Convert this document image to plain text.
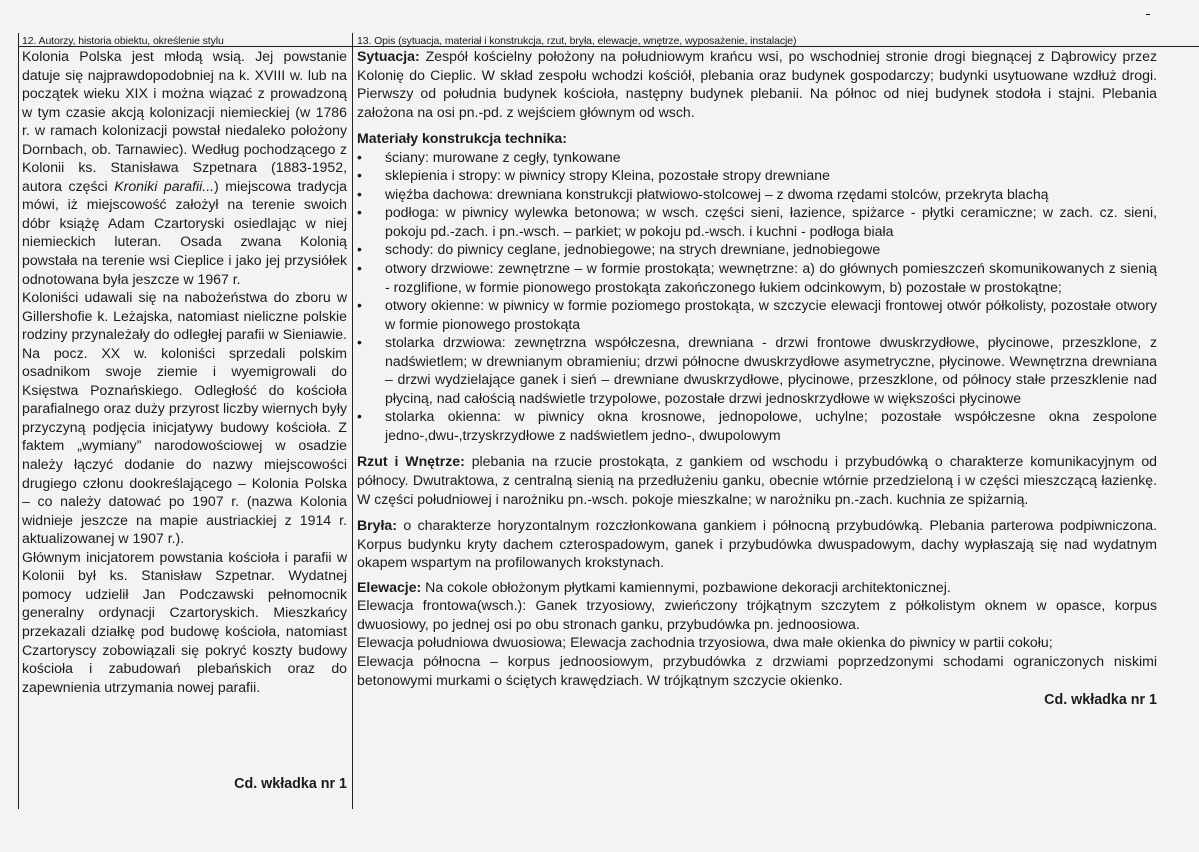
12. Autorzy, historia obiektu, określenie stylu	13. Opis (sytuacja, materiał i konstrukcja, rzut, bryła, elewacje, wnętrze, wyposażenie, instalacje)

Kolonia Polska jest młodą wsią. Jej powstanie datuje się najprawdopodobniej na k. XVIII w. lub na początek wieku XIX i można wiązać z prowadzoną w tym czasie akcją kolonizacji niemieckiej (w 1786 r. w ramach kolonizacji powstał niedaleko położony Dornbach, ob. Tarnawiec). Według pochodzącego z Kolonii ks. Stanisława Szpetnara (1883-1952, autora części Kroniki parafii...) miejscowa tradycja mówi, iż miejscowość założył na terenie swoich dóbr książę Adam Czartoryski osiedlając w niej niemieckich luteran. Osada zwana Kolonią powstała na terenie wsi Cieplice i jako jej przysiółek odnotowana była jeszcze w 1967 r.

Koloniści udawali się na nabożeństwa do zboru w Gillershofie k. Leżajska, natomiast nieliczne polskie rodziny przynależały do odległej parafii w Sieniawie. Na pocz. XX w. koloniści sprzedali polskim osadnikom swoje ziemie i wyemigrowali do Księstwa Poznańskiego. Odległość do kościoła parafialnego oraz duży przyrost liczby wiernych były przyczyną podjęcia inicjatywy budowy kościoła. Z faktem „wymiany” narodowościowej w osadzie należy łączyć dodanie do nazwy miejscowości drugiego członu dookreślającego – Kolonia Polska – co należy datować po 1907 r. (nazwa Kolonia widnieje jeszcze na mapie austriackiej z 1914 r. aktualizowanej w 1907 r.).

Głównym inicjatorem powstania kościoła i parafii w Kolonii był ks. Stanisław Szpetnar. Wydatnej pomocy udzielił Jan Podczawski pełnomocnik generalny ordynacji Czartoryskich. Mieszkańcy przekazali działkę pod budowę kościoła, natomiast Czartoryscy zobowiązali się pokryć koszty budowy kościoła i zabudowań plebańskich oraz do zapewnienia utrzymania nowej parafii.

Cd. wkładka nr 1

Sytuacja: Zespół kościelny położony na południowym krańcu wsi, po wschodniej stronie drogi biegnącej z Dąbrowicy przez Kolonię do Cieplic. W skład zespołu wchodzi kościół, plebania oraz budynek gospodarczy; budynki usytuowane wzdłuż drogi. Pierwszy od południa budynek kościoła, następny budynek plebanii. Na północ od niej budynek stodoła i stajni. Plebania założona na osi pn.-pd. z wejściem głównym od wsch.

Materiały konstrukcja technika:

• ściany: murowane z cegły, tynkowane
• sklepienia i stropy: w piwnicy stropy Kleina, pozostałe stropy drewniane
• więźba dachowa: drewniana konstrukcji płatwiowo-stolcowej – z dwoma rzędami stolców, przekryta blachą
• podłoga: w piwnicy wylewka betonowa; w wsch. części sieni, łazience, spiżarce - płytki ceramiczne; w zach. cz. sieni, pokoju pd.-zach. i pn.-wsch. – parkiet; w pokoju pd.-wsch. i kuchni - podłoga biała
• schody: do piwnicy ceglane, jednobiegowe; na strych drewniane, jednobiegowe
• otwory drzwiowe: zewnętrzne – w formie prostokąta; wewnętrzne: a) do głównych pomieszczeń skomunikowanych z sienią - rozglifione, w formie pionowego prostokąta zakończonego łukiem odcinkowym, b) pozostałe w prostokątne;
• otwory okienne: w piwnicy w formie poziomego prostokąta, w szczycie elewacji frontowej otwór półkolisty, pozostałe otwory w formie pionowego prostokąta
• stolarka drzwiowa: zewnętrzna współczesna, drewniana - drzwi frontowe dwuskrzydłowe, płycinowe, przeszklone, z nadświetlem; w drewnianym obramieniu; drzwi północne dwuskrzydłowe asymetryczne, płycinowe. Wewnętrzna drewniana – drzwi wydzielające ganek i sień – drewniane dwuskrzydłowe, płycinowe, przeszklone, od północy stałe przeszklenie nad płyciną, nad całością nadświetle trzypolowe, pozostałe drzwi jednoskrzydłowe w większości płycinowe
• stolarka okienna: w piwnicy okna krosnowe, jednopolowe, uchylne; pozostałe współczesne okna zespolone jedno-,dwu-,trzyskrzydłowe z nadświetlem jedno-, dwupolowym

Rzut i Wnętrze: plebania na rzucie prostokąta, z gankiem od wschodu i przybudówką o charakterze komunikacyjnym od północy. Dwutraktowa, z centralną sienią na przedłużeniu ganku, obecnie wtórnie przedzieloną i w części mieszczącą łazienkę. W części południowej i narożniku pn.-wsch. pokoje mieszkalne; w narożniku pn.-zach. kuchnia ze spiżarnią.

Bryła: o charakterze horyzontalnym rozczłonkowana gankiem i północną przybudówką. Plebania parterowa podpiwniczona. Korpus budynku kryty dachem czterospadowym, ganek i przybudówka dwuspadowym, dachy wypłaszają się nad wydatnym okapem wspartym na profilowanych krokstynach.

Elewacje: Na cokole obłożonym płytkami kamiennymi, pozbawione dekoracji architektonicznej.

Elewacja frontowa(wsch.): Ganek trzyosiowy, zwieńczony trójkątnym szczytem z półkolistym oknem w opasce, korpus dwuosiowy, po jednej osi po obu stronach ganku, przybudówka pn. jednoosiowa.

Elewacja południowa dwuosiowa; Elewacja zachodnia trzyosiowa, dwa małe okienka do piwnicy w partii cokołu;

Elewacja północna – korpus jednoosiowym, przybudówka z drzwiami poprzedzonymi schodami ograniczonych niskimi betonowymi murkami o ściętych krawędziach. W trójkątnym szczycie okienko.

Cd. wkładka nr 1
